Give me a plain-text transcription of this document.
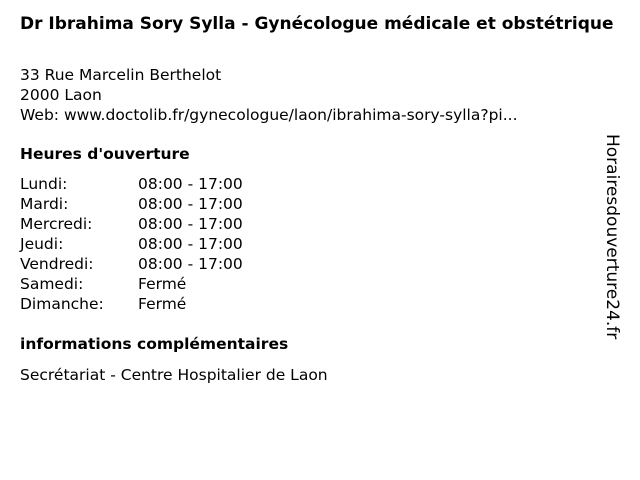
Dr Ibrahima Sory Sylla - Gynécologue médicale et obstétrique
33 Rue Marcelin Berthelot
2000 Laon
Web: www.doctolib.fr/gynecologue/laon/ibrahima-sory-sylla?pi...
Heures d'ouverture
Lundi:	08:00 - 17:00
Mardi:	08:00 - 17:00
Mercredi:	08:00 - 17:00
Jeudi:	08:00 - 17:00
Vendredi:	08:00 - 17:00
Samedi:	Fermé
Dimanche: Fermé
informations complémentaires
Secrétariat - Centre Hospitalier de Laon
Horairesdouverture24.fr
